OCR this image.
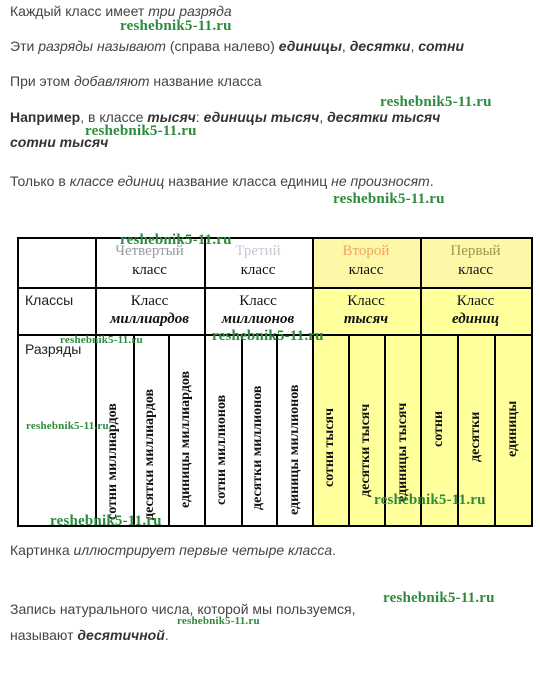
Каждый класс имеет три разряда
Эти разряды называют (справа налево) единицы, десятки, сотни
При этом добавляют название класса
Например, в классе тысяч: единицы тысяч, десятки тысяч
сотни тысяч
Только в классе единиц название класса единиц не произносят.
Четвертый
класс
Третий
класс
Второй
класс
Первый
класс
Классы	Класс
миллиардов
Класс
миллионов
Класс
тысяч
Класс
единиц
Разряды
сотни миллиардов десятки миллиардов единицы миллиардов сотни миллионов десятки миллионов единицы миллионов сотни тысяч десятки тысяч единицы тысяч сотни десятки единицы
Картинка иллюстрирует первые четыре класса.
Запись натурального числа, которой мы пользуемся,
называют десятичной.
reshebnik5-11.ru
reshebnik5-11.ru
reshebnik5-11.ru
reshebnik5-11.ru
reshebnik5-11.ru
reshebnik5-11.ru
reshebnik5-11.ru
reshebnik5-11.ru
reshebnik5-11.ru
reshebnik5-11.ru
reshebnik5-11.ru
reshebnik5-11.ru
